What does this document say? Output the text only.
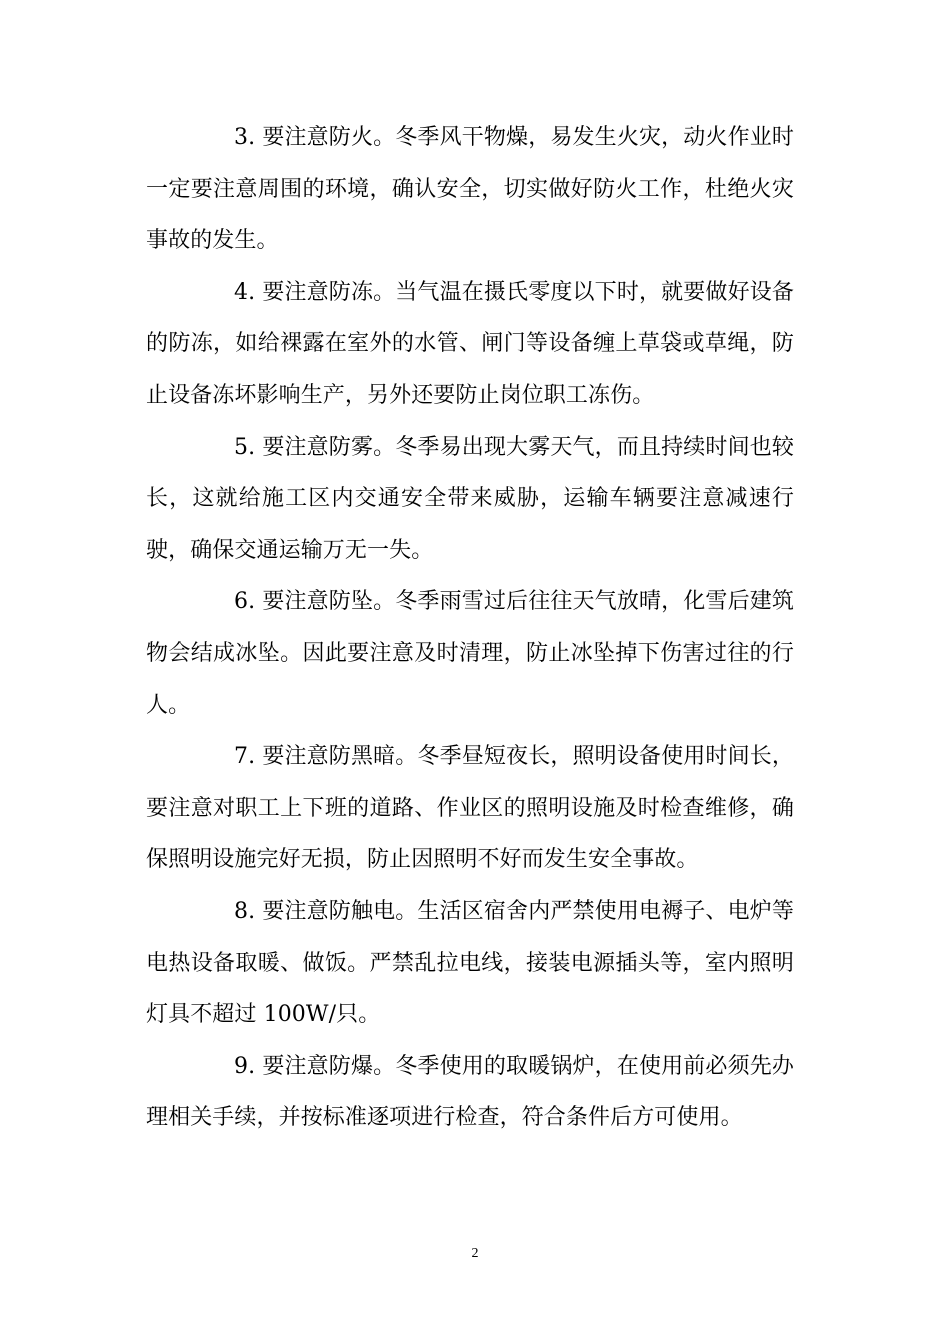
3. 要注意防火。冬季风干物燥，易发生火灾，动火作业时一定要注意周围的环境，确认安全，切实做好防火工作，杜绝火灾事故的发生。

4. 要注意防冻。当气温在摄氏零度以下时，就要做好设备的防冻，如给裸露在室外的水管、闸门等设备缠上草袋或草绳，防止设备冻坏影响生产，另外还要防止岗位职工冻伤。

5. 要注意防雾。冬季易出现大雾天气，而且持续时间也较长，这就给施工区内交通安全带来威胁，运输车辆要注意减速行驶，确保交通运输万无一失。

6. 要注意防坠。冬季雨雪过后往往天气放晴，化雪后建筑物会结成冰坠。因此要注意及时清理，防止冰坠掉下伤害过往的行人。

7. 要注意防黑暗。冬季昼短夜长，照明设备使用时间长，要注意对职工上下班的道路、作业区的照明设施及时检查维修，确保照明设施完好无损，防止因照明不好而发生安全事故。

8. 要注意防触电。生活区宿舍内严禁使用电褥子、电炉等电热设备取暖、做饭。严禁乱拉电线，接装电源插头等，室内照明灯具不超过 100W/只。

9. 要注意防爆。冬季使用的取暖锅炉，在使用前必须先办理相关手续，并按标准逐项进行检查，符合条件后方可使用。

2
